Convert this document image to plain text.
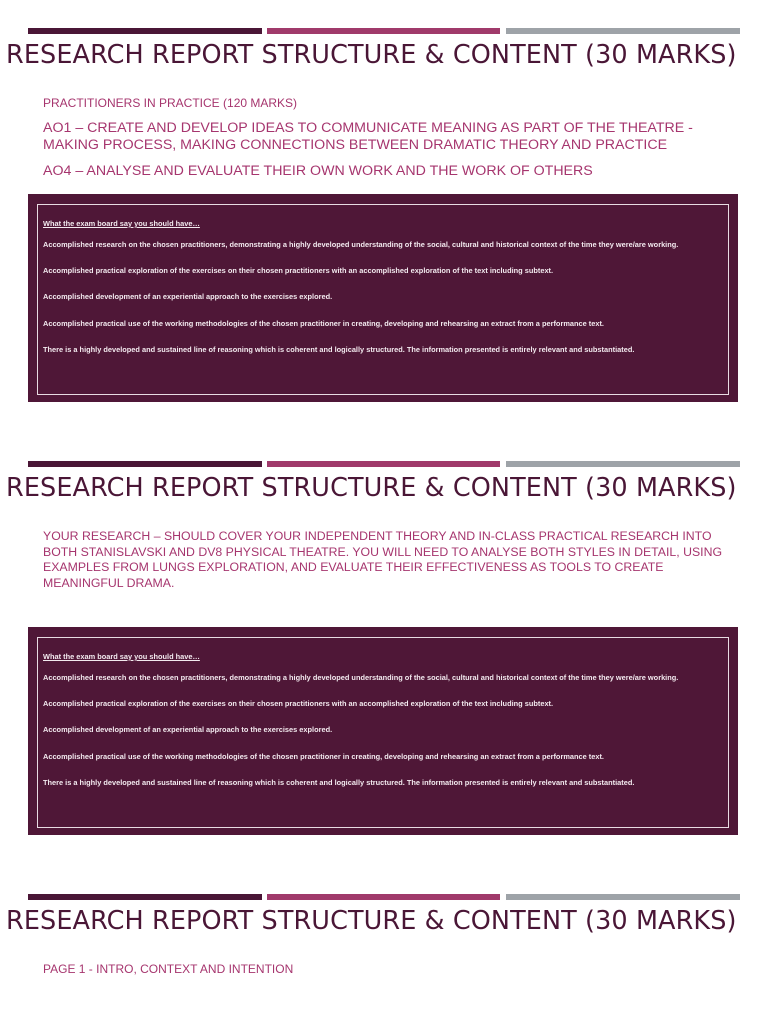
RESEARCH REPORT STRUCTURE & CONTENT (30 MARKS)
PRACTITIONERS IN PRACTICE (120 MARKS)
AO1 – CREATE AND DEVELOP IDEAS TO COMMUNICATE MEANING AS PART OF THE THEATRE - MAKING PROCESS, MAKING CONNECTIONS BETWEEN DRAMATIC THEORY AND PRACTICE
AO4 – ANALYSE AND EVALUATE THEIR OWN WORK AND THE WORK OF OTHERS
What the exam board say you should have…
Accomplished research on the chosen practitioners, demonstrating a highly developed understanding of the social, cultural and historical context of the time they were/are working.
Accomplished practical exploration of the exercises on their chosen practitioners with an accomplished exploration of the text including subtext.
Accomplished development of an experiential approach to the exercises explored.
Accomplished practical use of the working methodologies of the chosen practitioner in creating, developing and rehearsing an extract from a performance text.
There is a highly developed and sustained line of reasoning which is coherent and logically structured. The information presented is entirely relevant and substantiated.
RESEARCH REPORT STRUCTURE & CONTENT (30 MARKS)
YOUR RESEARCH – SHOULD COVER YOUR INDEPENDENT THEORY AND IN-CLASS PRACTICAL RESEARCH INTO BOTH STANISLAVSKI AND DV8 PHYSICAL THEATRE. YOU WILL NEED TO ANALYSE BOTH STYLES IN DETAIL, USING EXAMPLES FROM LUNGS EXPLORATION, AND EVALUATE THEIR EFFECTIVENESS AS TOOLS TO CREATE MEANINGFUL DRAMA.
What the exam board say you should have…
Accomplished research on the chosen practitioners, demonstrating a highly developed understanding of the social, cultural and historical context of the time they were/are working.
Accomplished practical exploration of the exercises on their chosen practitioners with an accomplished exploration of the text including subtext.
Accomplished development of an experiential approach to the exercises explored.
Accomplished practical use of the working methodologies of the chosen practitioner in creating, developing and rehearsing an extract from a performance text.
There is a highly developed and sustained line of reasoning which is coherent and logically structured. The information presented is entirely relevant and substantiated.
RESEARCH REPORT STRUCTURE & CONTENT (30 MARKS)
PAGE 1 - INTRO, CONTEXT AND INTENTION
